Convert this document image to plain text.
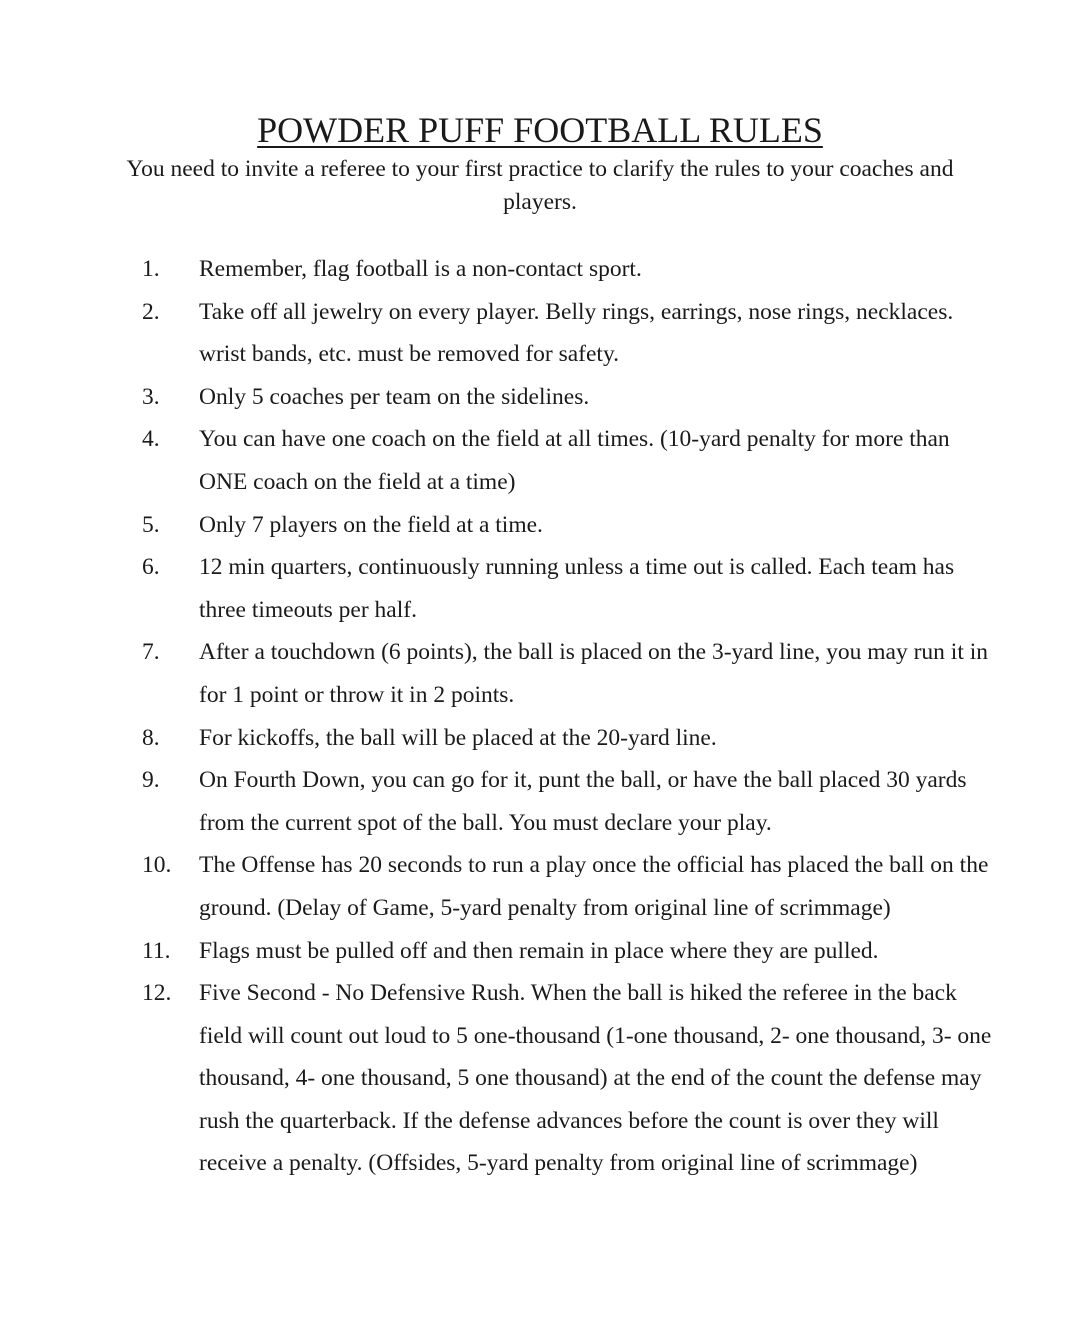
POWDER PUFF FOOTBALL RULES

You need to invite a referee to your first practice to clarify the rules to your coaches and players.

1. Remember, flag football is a non-contact sport.
2. Take off all jewelry on every player. Belly rings, earrings, nose rings, necklaces. wrist bands, etc. must be removed for safety.
3. Only 5 coaches per team on the sidelines.
4. You can have one coach on the field at all times. (10-yard penalty for more than ONE coach on the field at a time)
5. Only 7 players on the field at a time.
6. 12 min quarters, continuously running unless a time out is called. Each team has three timeouts per half.
7. After a touchdown (6 points), the ball is placed on the 3-yard line, you may run it in for 1 point or throw it in 2 points.
8. For kickoffs, the ball will be placed at the 20-yard line.
9. On Fourth Down, you can go for it, punt the ball, or have the ball placed 30 yards from the current spot of the ball. You must declare your play.
10. The Offense has 20 seconds to run a play once the official has placed the ball on the ground. (Delay of Game, 5-yard penalty from original line of scrimmage)
11. Flags must be pulled off and then remain in place where they are pulled.
12. Five Second - No Defensive Rush. When the ball is hiked the referee in the back field will count out loud to 5 one-thousand (1-one thousand, 2- one thousand, 3- one thousand, 4- one thousand, 5 one thousand) at the end of the count the defense may rush the quarterback. If the defense advances before the count is over they will receive a penalty. (Offsides, 5-yard penalty from original line of scrimmage)
